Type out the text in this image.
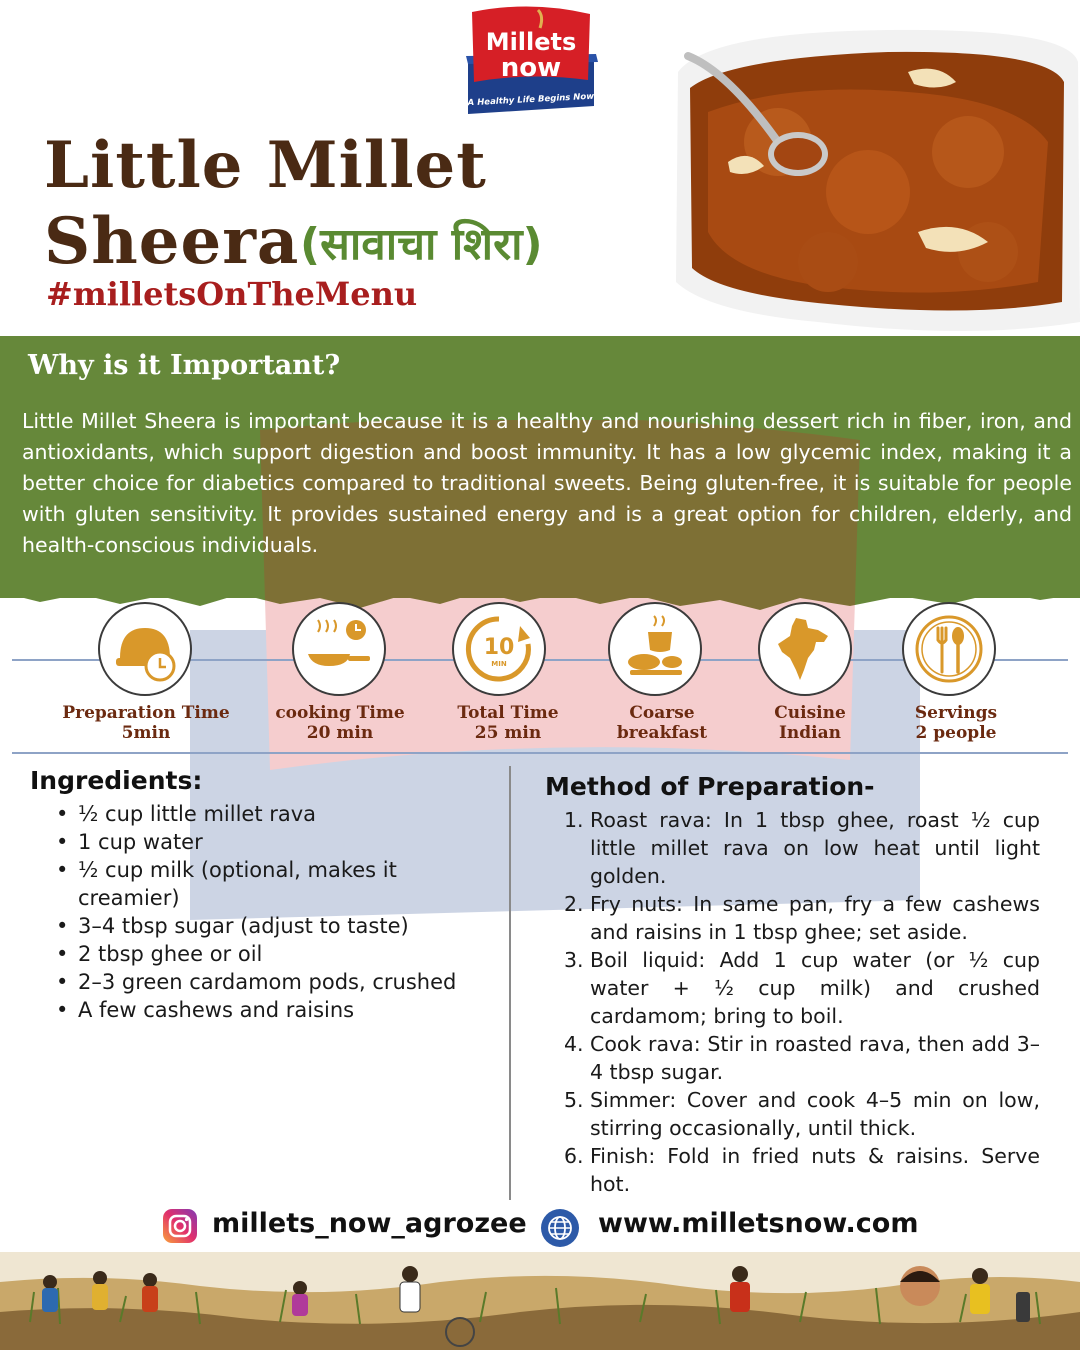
Millets
now
A Healthy Life Begins Now
Little Millet
Sheera (सावाचा शिरा)
#milletsOnTheMenu
Why is it Important?
Little Millet Sheera is important because it is a healthy and nourishing dessert rich in fiber, iron, and antioxidants, which support digestion and boost immunity. It has a low glycemic index, making it a better choice for diabetics compared to traditional sweets. Being gluten-free, it is suitable for people with gluten sensitivity. It provides sustained energy and is a great option for children, elderly, and health-conscious individuals.
10
MIN
Preparation Time
5min
cooking Time
20 min
Total Time
25 min
Coarse
breakfast
Cuisine
Indian
Servings
2 people
Ingredients:
• ½ cup little millet rava
• 1 cup water
• ½ cup milk (optional, makes it creamier)
• 3–4 tbsp sugar (adjust to taste)
• 2 tbsp ghee or oil
• 2–3 green cardamom pods, crushed
• A few cashews and raisins
Method of Preparation-
1. Roast rava: In 1 tbsp ghee, roast ½ cup little millet rava on low heat until light golden.
2. Fry nuts: In same pan, fry a few cashews and raisins in 1 tbsp ghee; set aside.
3. Boil liquid: Add 1 cup water (or ½ cup water + ½ cup milk) and crushed cardamom; bring to boil.
4. Cook rava: Stir in roasted rava, then add 3–4 tbsp sugar.
5. Simmer: Cover and cook 4–5 min on low, stirring occasionally, until thick.
6. Finish: Fold in fried nuts & raisins. Serve hot.
millets_now_agrozee	www.milletsnow.com
